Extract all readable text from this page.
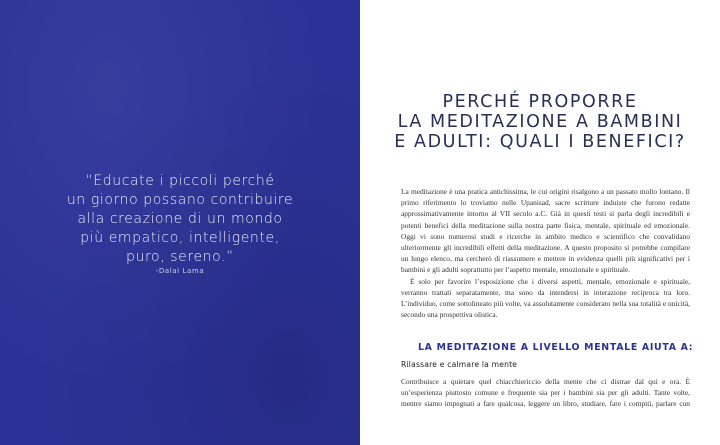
“Educate i piccoli perché
un giorno possano contribuire
alla creazione di un mondo
più empatico, intelligente,
puro, sereno.”
-Dalai Lama
PERCHÉ PROPORRE
LA MEDITAZIONE A BAMBINI
E ADULTI: QUALI I BENEFICI?

La meditazione è una pratica antichissima, le cui origini risalgono a un passato molto lontano. Il primo riferimento lo troviamo nelle Upanisad, sacre scritture induiste che furono redatte approssimativamente intorno al VII secolo a.C. Già in questi testi si parla degli incredibili e potenti benefici della meditazione sulla nostra parte fisica, mentale, spirituale ed emozionale. Oggi vi sono numerosi studi e ricerche in ambito medico e scientifico che convalidano ulteriormente gli incredibili effetti della meditazione. A questo proposito si potrebbe compilare un lungo elenco, ma cercherò di riassumere e mettere in evidenza quelli più significativi per i bambini e gli adulti soprattutto per l’aspetto mentale, emozionale e spirituale.

È solo per favorire l’esposizione che i diversi aspetti, mentale, emozionale e spirituale, verranno trattati separatamente, ma sono da intendersi in interazione reciproca tra loro. L’individuo, come sottolineato più volte, va assolutamente considerato nella sua totalità e unicità, secondo una prospettiva olistica.

LA MEDITAZIONE A LIVELLO MENTALE AIUTA A:
Rilassare e calmare la mente
Contribuisce a quietare quel chiacchiericcio della mente che ci distrae dal qui e ora. È
un’esperienza piuttosto comune e frequente sia per i bambini sia per gli adulti. Tante volte,
mentre siamo impegnati a fare qualcosa, leggere un libro, studiare, fare i compiti, parlare con
